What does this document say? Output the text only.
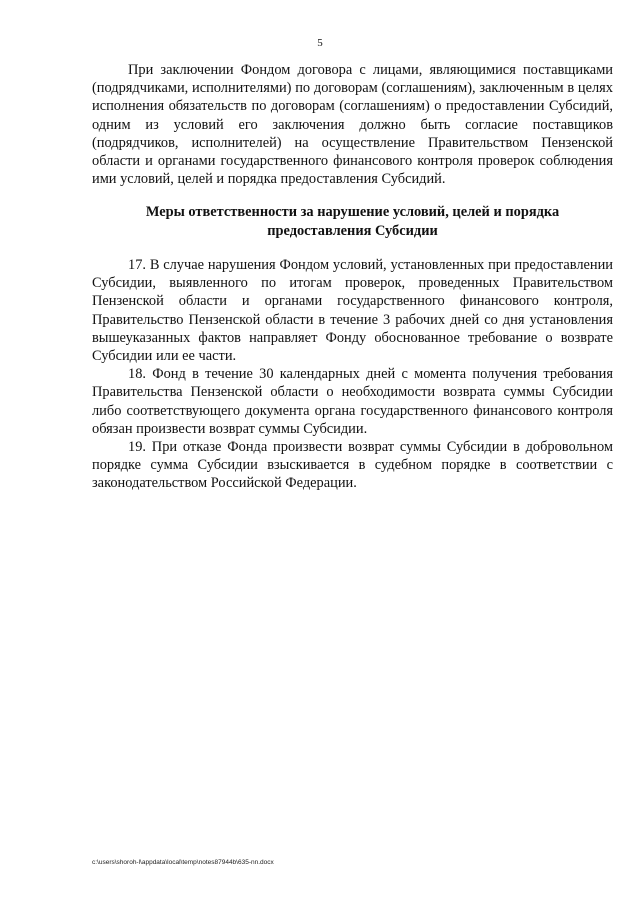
5

При заключении Фондом договора с лицами, являющимися поставщиками (подрядчиками, исполнителями) по договорам (соглашениям), заключенным в целях исполнения обязательств по договорам (соглашениям) о предоставлении Субсидий, одним из условий его заключения должно быть согласие поставщиков (подрядчиков, исполнителей) на осуществление Правительством Пензенской области и органами государственного финансового контроля проверок соблюдения ими условий, целей и порядка предоставления Субсидий.

Меры ответственности за нарушение условий, целей и порядка

предоставления Субсидии

17. В случае нарушения Фондом условий, установленных при предоставлении Субсидии, выявленного по итогам проверок, проведенных Правительством Пензенской области и органами государственного финансового контроля, Правительство Пензенской области в течение 3 рабочих дней со дня установления вышеуказанных фактов направляет Фонду обоснованное требование о возврате Субсидии или ее части.

18. Фонд в течение 30 календарных дней с момента получения требования Правительства Пензенской области о необходимости возврата суммы Субсидии либо соответствующего документа органа государственного финансового контроля обязан произвести возврат суммы Субсидии.

19. При отказе Фонда произвести возврат суммы Субсидии в добровольном порядке сумма Субсидии взыскивается в судебном порядке в соответствии с законодательством Российской Федерации.

c:\users\shoroh-l\appdata\local\temp\notes87944b\635-nn.docx
